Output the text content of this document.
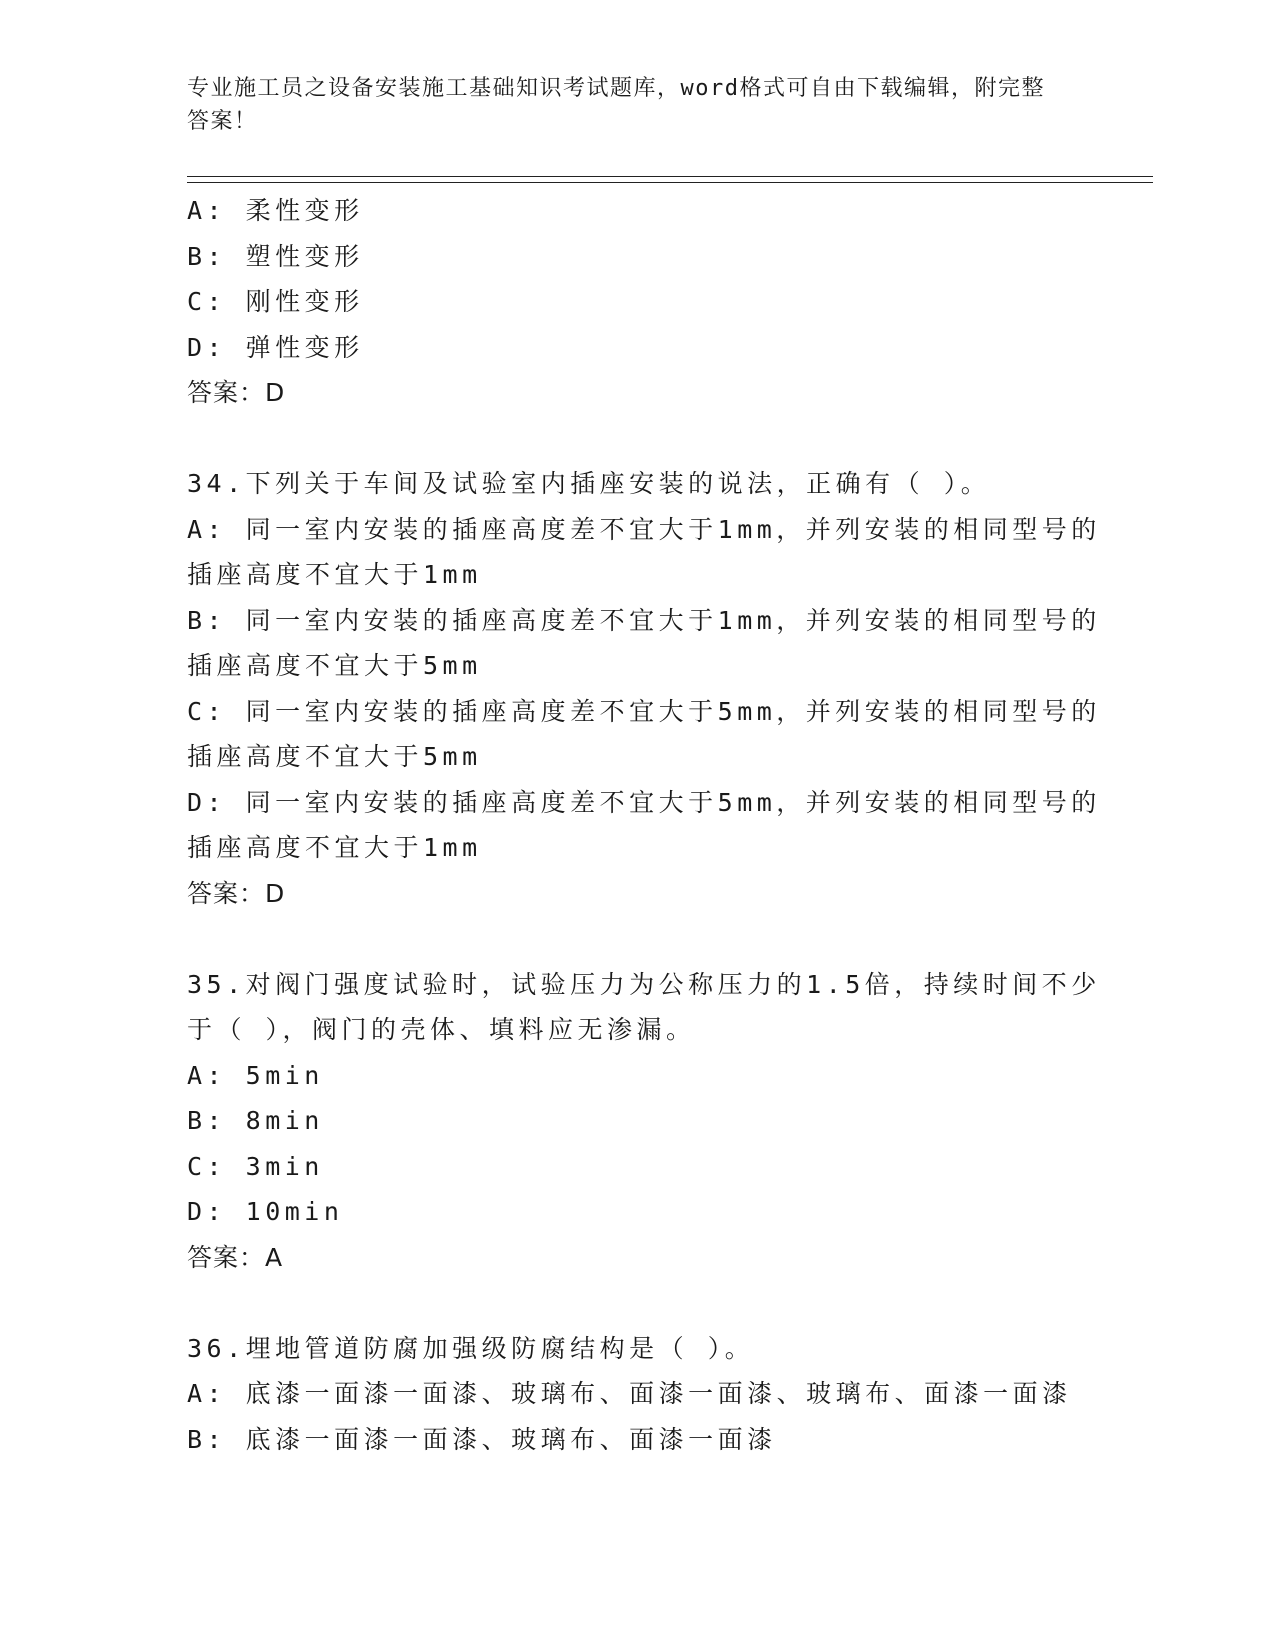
专业施工员之设备安装施工基础知识考试题库，word格式可自由下载编辑，附完整答案！
A: 柔性变形
B: 塑性变形
C: 刚性变形
D: 弹性变形
答案：D
34.下列关于车间及试验室内插座安装的说法，正确有（ ）。
A: 同一室内安装的插座高度差不宜大于1mm，并列安装的相同型号的
插座高度不宜大于1mm
B: 同一室内安装的插座高度差不宜大于1mm，并列安装的相同型号的
插座高度不宜大于5mm
C: 同一室内安装的插座高度差不宜大于5mm，并列安装的相同型号的
插座高度不宜大于5mm
D: 同一室内安装的插座高度差不宜大于5mm，并列安装的相同型号的
插座高度不宜大于1mm
答案：D
35.对阀门强度试验时，试验压力为公称压力的1.5倍，持续时间不少
于（ ），阀门的壳体、填料应无渗漏。
A: 5min
B: 8min
C: 3min
D: 10min
答案：A
36.埋地管道防腐加强级防腐结构是（ ）。
A: 底漆一面漆一面漆、玻璃布、面漆一面漆、玻璃布、面漆一面漆
B: 底漆一面漆一面漆、玻璃布、面漆一面漆
